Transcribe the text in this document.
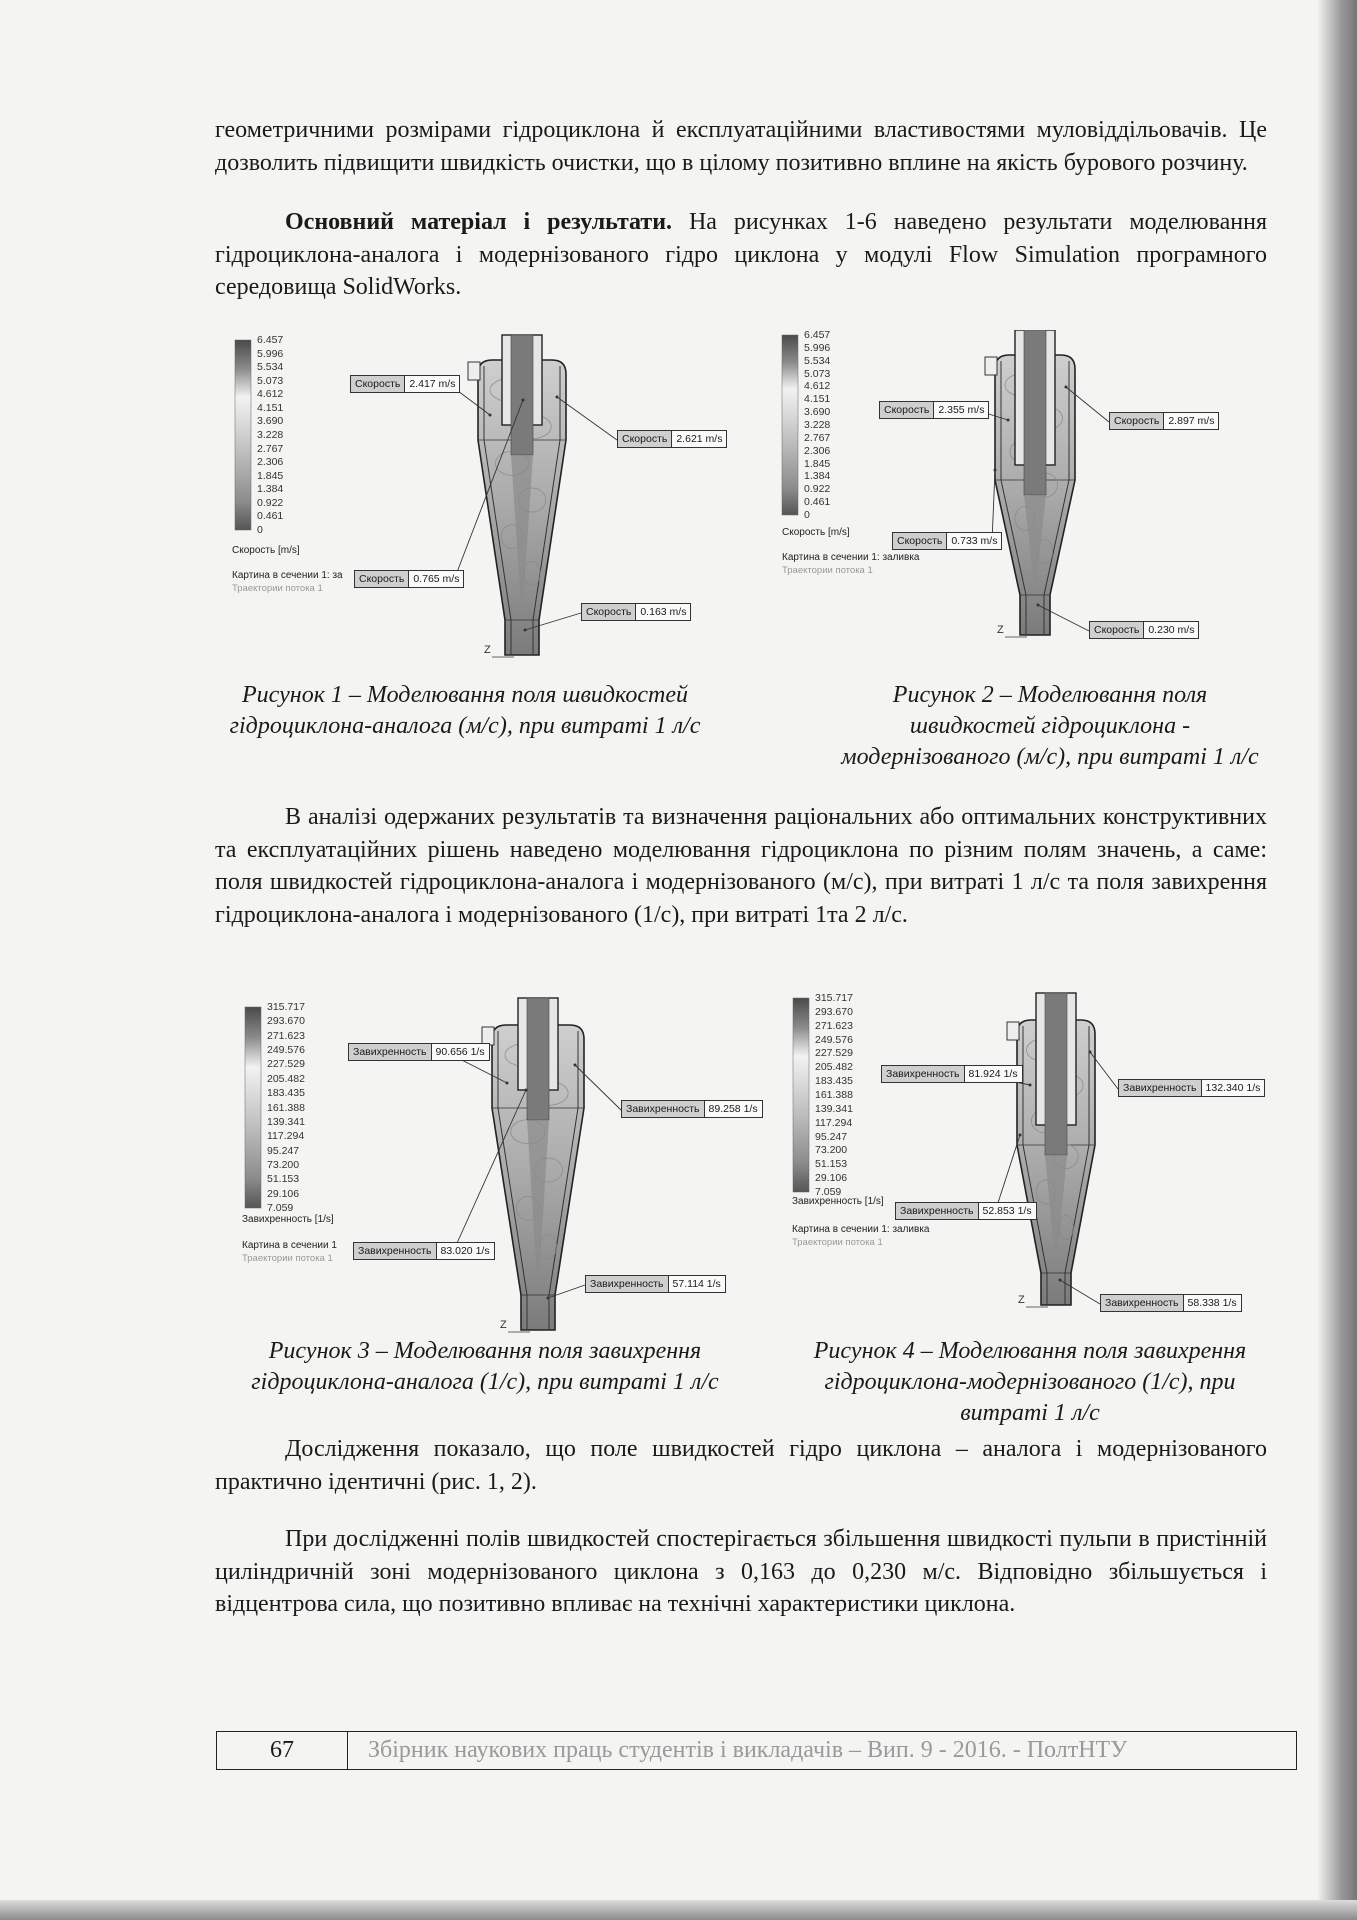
геометричними розмірами гідроциклона й експлуатаційними властивостями муловіддільовачів. Це дозволить підвищити швидкість очистки, що в цілому позитивно вплине на якість бурового розчину.
Основний матеріал і результати. На рисунках 1-6 наведено результати моделювання гідроциклона-аналога і модернізованого гідро циклона у модулі Flow Simulation програмного середовища SolidWorks.
Z
6.457
5.996
5.534
5.073
4.612
4.151
3.690
3.228
2.767
2.306
1.845
1.384
0.922
0.461
0
Скорость [m/s]
Картина в сечении 1: за
Траектории потока 1
Скорость 2.417 m/s
Скорость 2.621 m/s
Скорость 0.765 m/s
Скорость 0.163 m/s
Z
6.457
5.996
5.534
5.073
4.612
4.151
3.690
3.228
2.767
2.306
1.845
1.384
0.922
0.461
0
Скорость [m/s]
Картина в сечении 1: заливка
Траектории потока 1
Скорость 2.355 m/s
Скорость 2.897 m/s
Скорость 0.733 m/s
Скорость 0.230 m/s
Рисунок 1 – Моделювання поля швидкостей гідроциклона-аналога (м/с), при витраті 1 л/с
Рисунок 2 – Моделювання поля швидкостей гідроциклона - модернізованого (м/с), при витраті 1 л/с
В аналізі одержаних результатів та визначення раціональних або оптимальних конструктивних та експлуатаційних рішень наведено моделювання гідроциклона по різним полям значень, а саме: поля швидкостей гідроциклона-аналога і модернізованого (м/с), при витраті 1 л/с та поля завихрення гідроциклона-аналога і модернізованого (1/с), при витраті 1та 2 л/с.
Z
315.717
293.670
271.623
249.576
227.529
205.482
183.435
161.388
139.341
117.294
95.247
73.200
51.153
29.106
7.059
Завихренность [1/s]
Картина в сечении 1
Траектории потока 1
Завихренность 90.656 1/s
Завихренность 89.258 1/s
Завихренность 83.020 1/s
Завихренность 57.114 1/s
Z
315.717
293.670
271.623
249.576
227.529
205.482
183.435
161.388
139.341
117.294
95.247
73.200
51.153
29.106
7.059
Завихренность [1/s]
Картина в сечении 1: заливка
Траектории потока 1
Завихренность 81.924 1/s
Завихренность 132.340 1/s
Завихренность 52.853 1/s
Завихренность 58.338 1/s
Рисунок 3 – Моделювання поля завихрення гідроциклона-аналога (1/с), при витраті 1 л/с
Рисунок 4 – Моделювання поля завихрення гідроциклона-модернізованого (1/с), при витраті 1 л/с
Дослідження показало, що поле швидкостей гідро циклона – аналога і модернізованого практично ідентичні (рис. 1, 2).
При дослідженні полів швидкостей спостерігається збільшення швидкості пульпи в пристінній циліндричній зоні модернізованого циклона з 0,163 до 0,230 м/с. Відповідно збільшується і відцентрова сила, що позитивно впливає на технічні характеристики циклона.
67	Збірник наукових праць студентів і викладачів – Вип. 9 - 2016. - ПолтНТУ
